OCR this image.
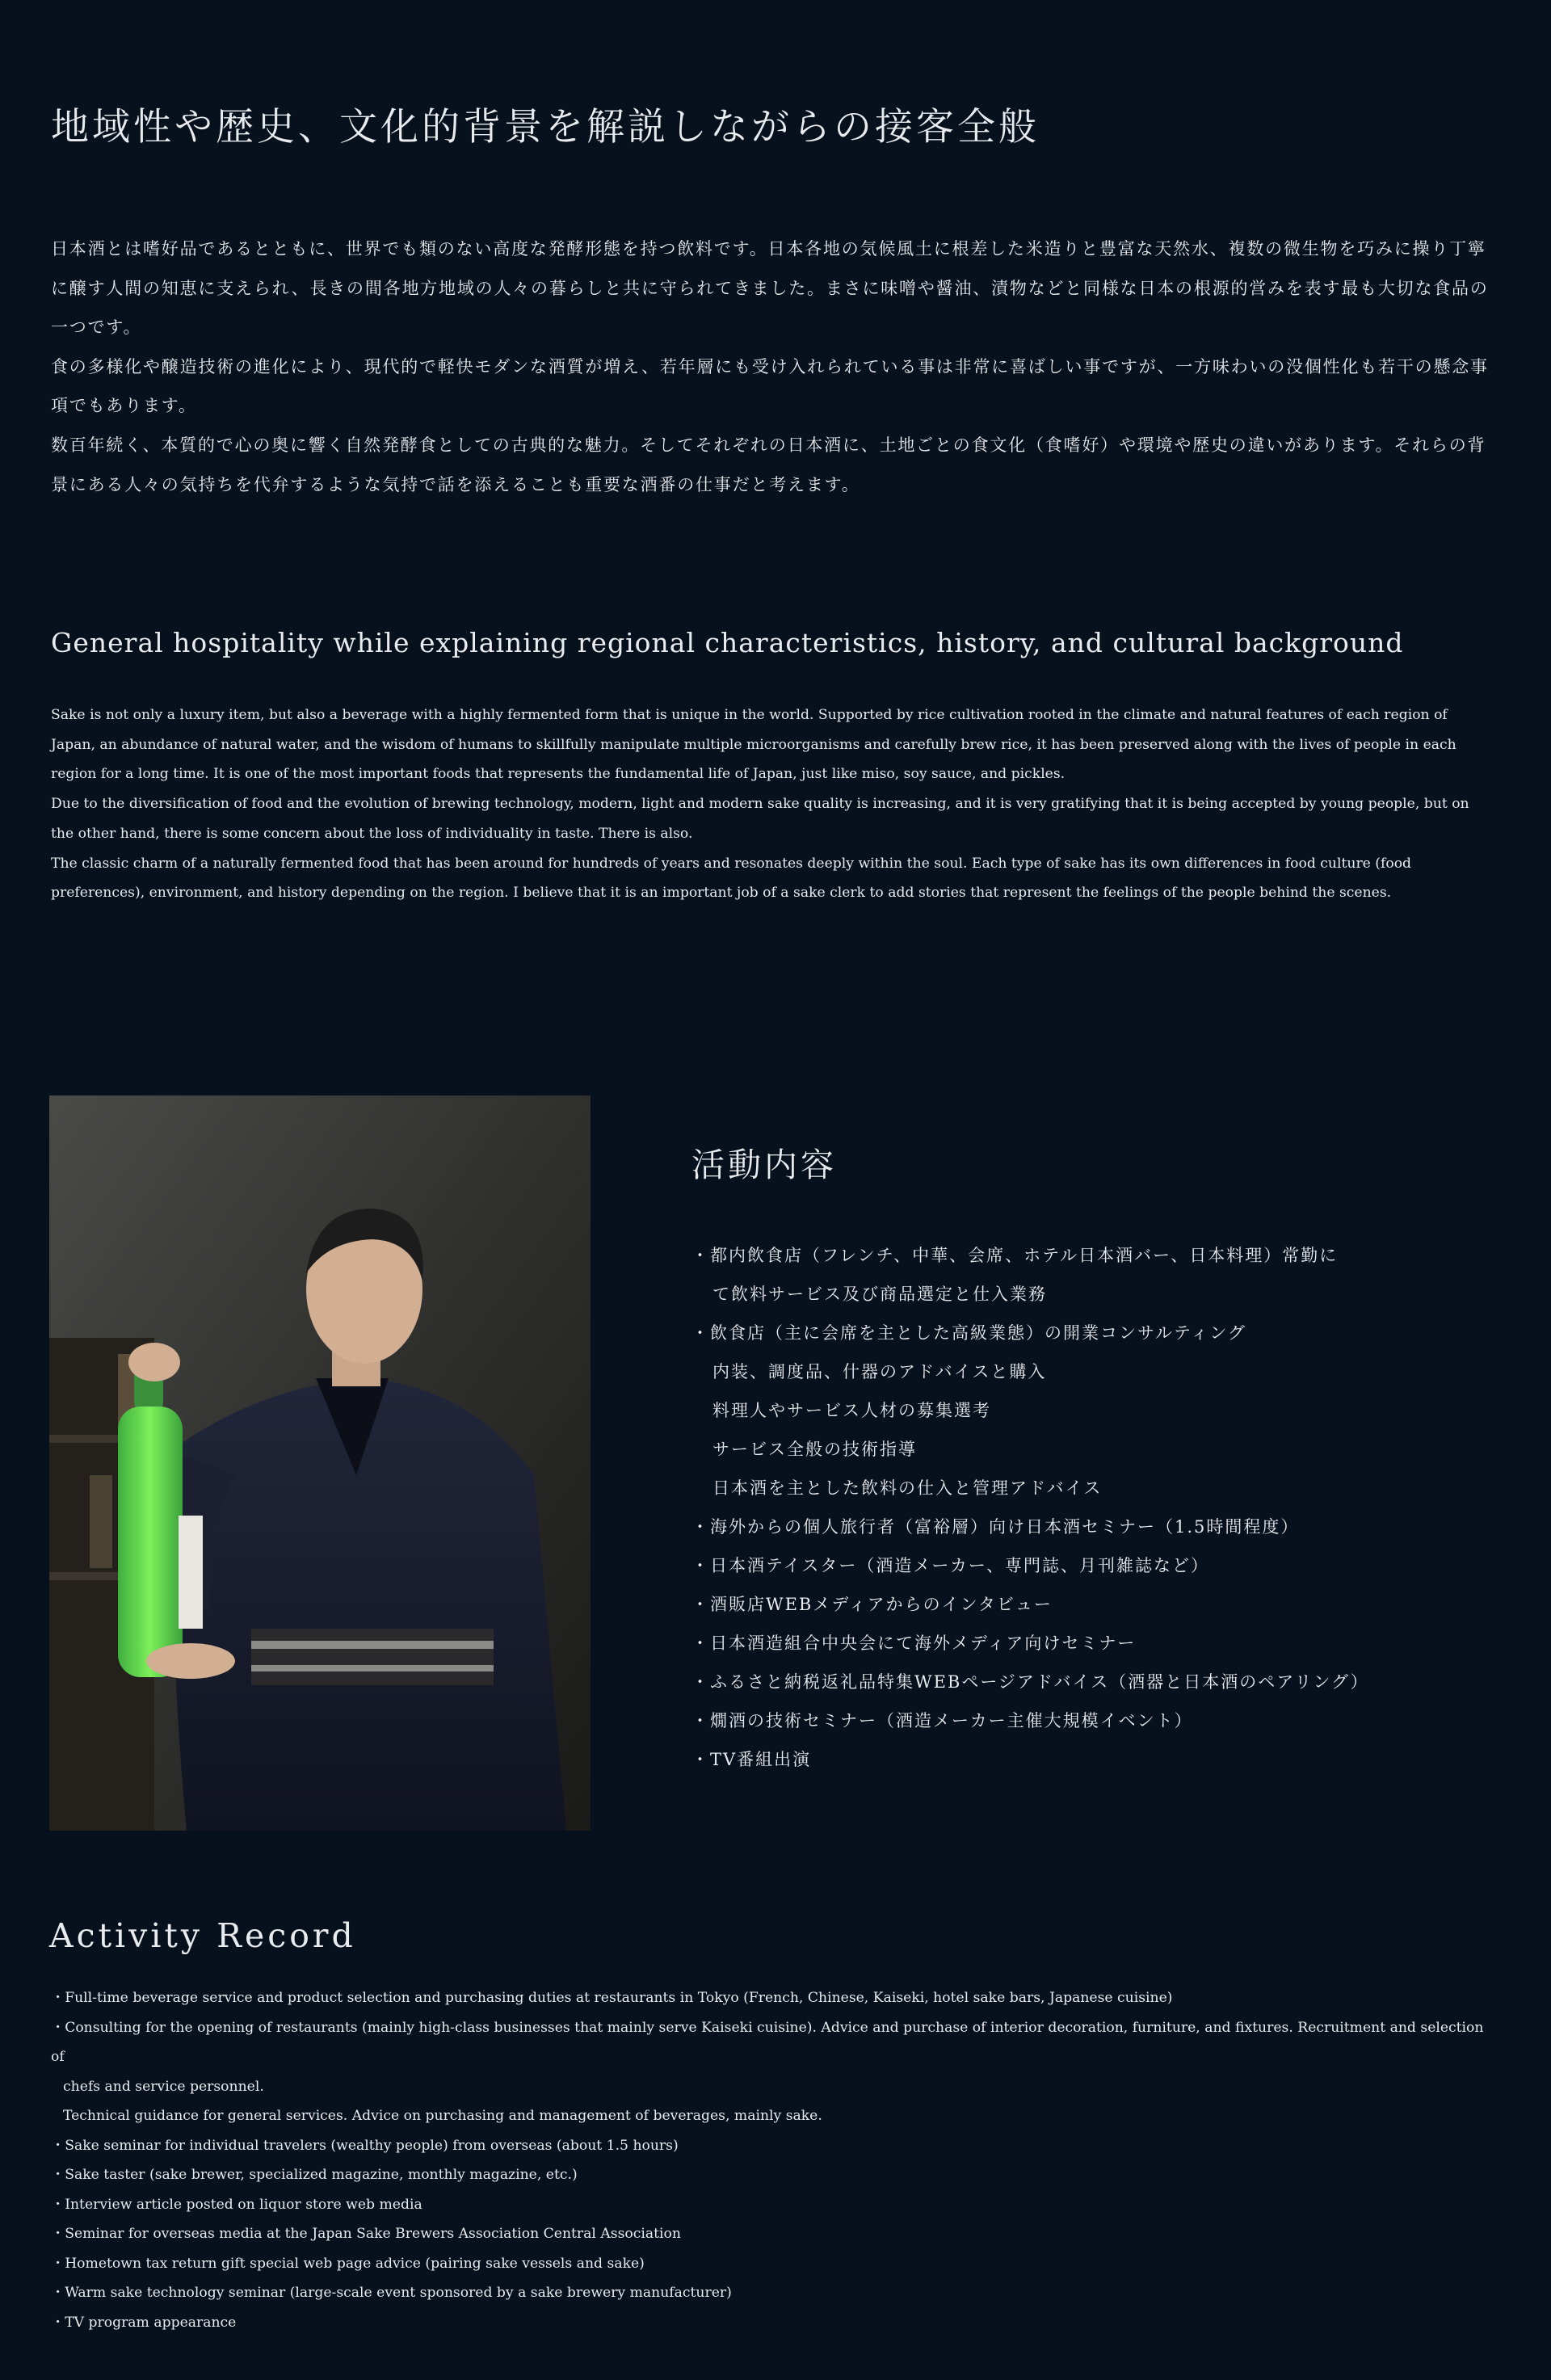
地域性や歴史、文化的背景を解説しながらの接客全般

日本酒とは嗜好品であるとともに、世界でも類のない高度な発酵形態を持つ飲料です。日本各地の気候風土に根差した米造りと豊富な天然水、複数の微生物を巧みに操り丁寧に醸す人間の知恵に支えられ、長きの間各地方地域の人々の暮らしと共に守られてきました。まさに味噌や醤油、漬物などと同様な日本の根源的営みを表す最も大切な食品の一つです。

食の多様化や醸造技術の進化により、現代的で軽快モダンな酒質が増え、若年層にも受け入れられている事は非常に喜ばしい事ですが、一方味わいの没個性化も若干の懸念事項でもあります。

数百年続く、本質的で心の奥に響く自然発酵食としての古典的な魅力。そしてそれぞれの日本酒に、土地ごとの食文化（食嗜好）や環境や歴史の違いがあります。それらの背景にある人々の気持ちを代弁するような気持で話を添えることも重要な酒番の仕事だと考えます。

General hospitality while explaining regional characteristics, history, and cultural background

Sake is not only a luxury item, but also a beverage with a highly fermented form that is unique in the world. Supported by rice cultivation rooted in the climate and natural features of each region of Japan, an abundance of natural water, and the wisdom of humans to skillfully manipulate multiple microorganisms and carefully brew rice, it has been preserved along with the lives of people in each region for a long time. It is one of the most important foods that represents the fundamental life of Japan, just like miso, soy sauce, and pickles.

Due to the diversification of food and the evolution of brewing technology, modern, light and modern sake quality is increasing, and it is very gratifying that it is being accepted by young people, but on the other hand, there is some concern about the loss of individuality in taste. There is also.

The classic charm of a naturally fermented food that has been around for hundreds of years and resonates deeply within the soul. Each type of sake has its own differences in food culture (food preferences), environment, and history depending on the region. I believe that it is an important job of a sake clerk to add stories that represent the feelings of the people behind the scenes.

活動内容
・都内飲食店（フレンチ、中華、会席、ホテル日本酒バー、日本料理）常勤に
て飲料サービス及び商品選定と仕入業務
・飲食店（主に会席を主とした高級業態）の開業コンサルティング
内装、調度品、什器のアドバイスと購入
料理人やサービス人材の募集選考
サービス全般の技術指導
日本酒を主とした飲料の仕入と管理アドバイス
・海外からの個人旅行者（富裕層）向け日本酒セミナー（1.5時間程度）
・日本酒テイスター（酒造メーカー、専門誌、月刊雑誌など）
・酒販店WEBメディアからのインタビュー
・日本酒造組合中央会にて海外メディア向けセミナー
・ふるさと納税返礼品特集WEBページアドバイス（酒器と日本酒のペアリング）
・燗酒の技術セミナー（酒造メーカー主催大規模イベント）
・TV番組出演
Activity Record
・Full-time beverage service and product selection and purchasing duties at restaurants in Tokyo (French, Chinese, Kaiseki, hotel sake bars, Japanese cuisine)
・Consulting for the opening of restaurants (mainly high-class businesses that mainly serve Kaiseki cuisine). Advice and purchase of interior decoration, furniture, and fixtures. Recruitment and selection of
chefs and service personnel.
Technical guidance for general services. Advice on purchasing and management of beverages, mainly sake.
・Sake seminar for individual travelers (wealthy people) from overseas (about 1.5 hours)
・Sake taster (sake brewer, specialized magazine, monthly magazine, etc.)
・Interview article posted on liquor store web media
・Seminar for overseas media at the Japan Sake Brewers Association Central Association
・Hometown tax return gift special web page advice (pairing sake vessels and sake)
・Warm sake technology seminar (large-scale event sponsored by a sake brewery manufacturer)
・TV program appearance
